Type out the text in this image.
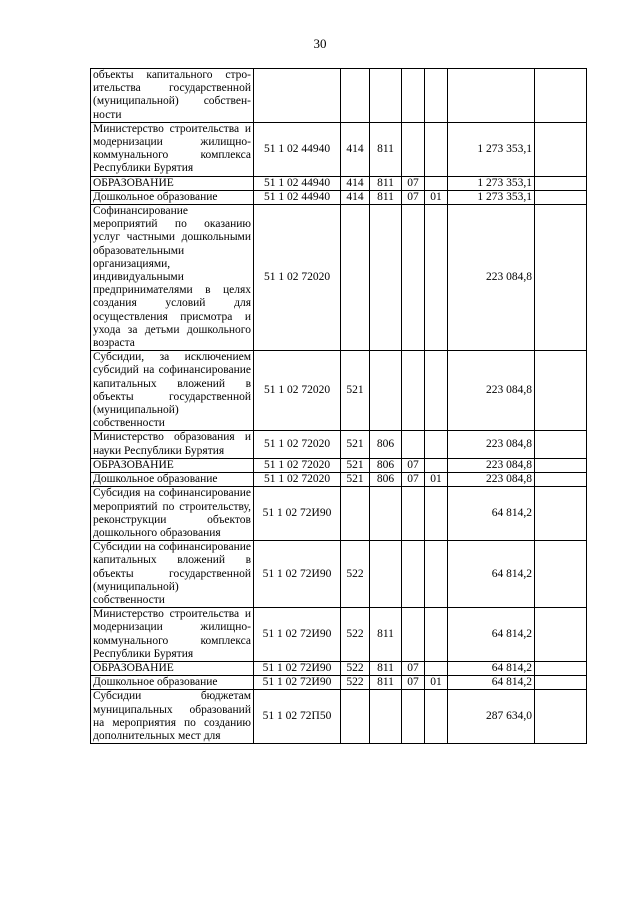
30
объекты капитального стро-ительства государственной (муниципальной) собствен-ности							
Министерство строительства и модернизации жилищно-коммунального комплекса Республики Бурятия	51 1 02 44940	414	811			1 273 353,1	
ОБРАЗОВАНИЕ	51 1 02 44940	414	811	07		1 273 353,1	
Дошкольное образование	51 1 02 44940	414	811	07	01	1 273 353,1	
Софинансирование мероприятий по оказанию услуг частными дошкольными образовательными организациями, индивидуальными предпринимателями в целях создания условий для осуществления присмотра и ухода за детьми дошкольного возраста	51 1 02 72020					223 084,8	
Субсидии, за исключением субсидий на софинансирование капитальных вложений в объекты государственной (муниципальной) собственности	51 1 02 72020	521				223 084,8	
Министерство образования и науки Республики Бурятия	51 1 02 72020	521	806			223 084,8	
ОБРАЗОВАНИЕ	51 1 02 72020	521	806	07		223 084,8	
Дошкольное образование	51 1 02 72020	521	806	07	01	223 084,8	
Субсидия на софинансирование мероприятий по строительству, реконструкции объектов дошкольного образования	51 1 02 72И90					64 814,2	
Субсидии на софинансирование капитальных вложений в объекты государственной (муниципальной) собственности	51 1 02 72И90	522				64 814,2	
Министерство строительства и модернизации жилищно-коммунального комплекса Республики Бурятия	51 1 02 72И90	522	811			64 814,2	
ОБРАЗОВАНИЕ	51 1 02 72И90	522	811	07		64 814,2	
Дошкольное образование	51 1 02 72И90	522	811	07	01	64 814,2	
Субсидии бюджетам муниципальных образований на мероприятия по созданию дополнительных мест для	51 1 02 72П50					287 634,0	
